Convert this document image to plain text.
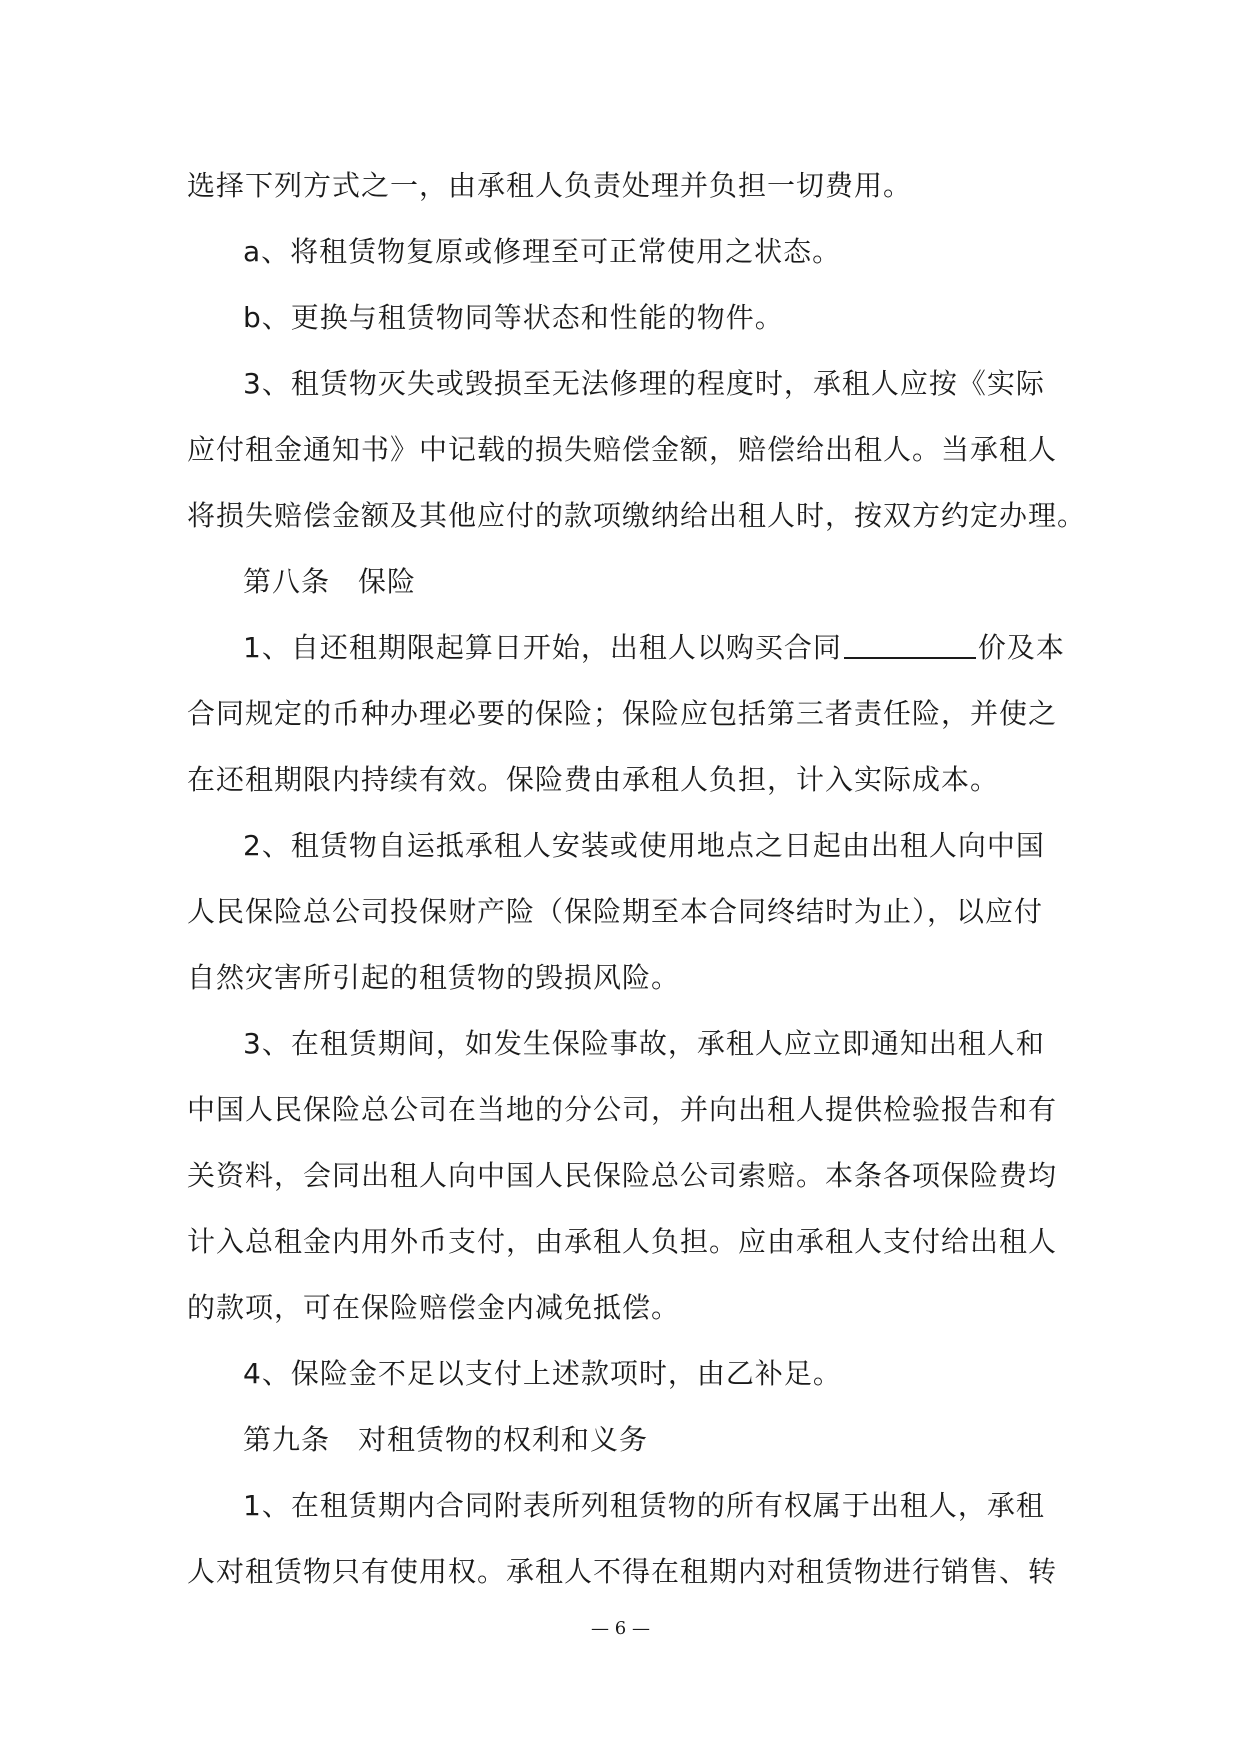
选择下列方式之一，由承租人负责处理并负担一切费用。
a、将租赁物复原或修理至可正常使用之状态。
b、更换与租赁物同等状态和性能的物件。
3、租赁物灭失或毁损至无法修理的程度时，承租人应按《实际
应付租金通知书》中记载的损失赔偿金额，赔偿给出租人。当承租人
将损失赔偿金额及其他应付的款项缴纳给出租人时，按双方约定办理。
第八条 保险
1、自还租期限起算日开始，出租人以购买合同	价及本
合同规定的币种办理必要的保险；保险应包括第三者责任险，并使之
在还租期限内持续有效。保险费由承租人负担，计入实际成本。
2、租赁物自运抵承租人安装或使用地点之日起由出租人向中国
人民保险总公司投保财产险（保险期至本合同终结时为止），以应付
自然灾害所引起的租赁物的毁损风险。
3、在租赁期间，如发生保险事故，承租人应立即通知出租人和
中国人民保险总公司在当地的分公司，并向出租人提供检验报告和有
关资料，会同出租人向中国人民保险总公司索赔。本条各项保险费均
计入总租金内用外币支付，由承租人负担。应由承租人支付给出租人
的款项，可在保险赔偿金内减免抵偿。
4、保险金不足以支付上述款项时，由乙补足。
第九条 对租赁物的权利和义务
1、在租赁期内合同附表所列租赁物的所有权属于出租人，承租
人对租赁物只有使用权。承租人不得在租期内对租赁物进行销售、转
— 6 —
